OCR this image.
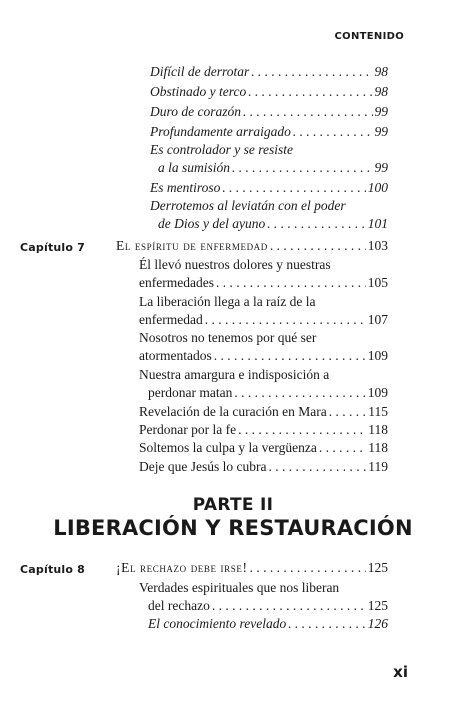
CONTENIDO
Difícil de derrotar . . .	98
Obstinado y terco . . .	98
Duro de corazón . . .	99
Profundamente arraigado . . .	99
Es controlador y se resiste
a la sumisión . . .	99
Es mentiroso . . .	100
Derrotemos al leviatán con el poder
de Dios y del ayuno . . .	101
Capítulo 7 El espíritu de enfermedad . . .	103
Él llevó nuestros dolores y nuestras
enfermedades . . .	105
La liberación llega a la raíz de la
enfermedad . . .	107
Nosotros no tenemos por qué ser
atormentados . . .	109
Nuestra amargura e indisposición a
perdonar matan . . .	109
Revelación de la curación en Mara . . .	115
Perdonar por la fe . . .	118
Soltemos la culpa y la vergüenza . . .	118
Deje que Jesús lo cubra . . .	119
PARTE II
LIBERACIÓN Y RESTAURACIÓN
Capítulo 8 ¡El rechazo debe irse! . . .	125
Verdades espirituales que nos liberan
del rechazo . . .	125
El conocimiento revelado . . .	126
xi
